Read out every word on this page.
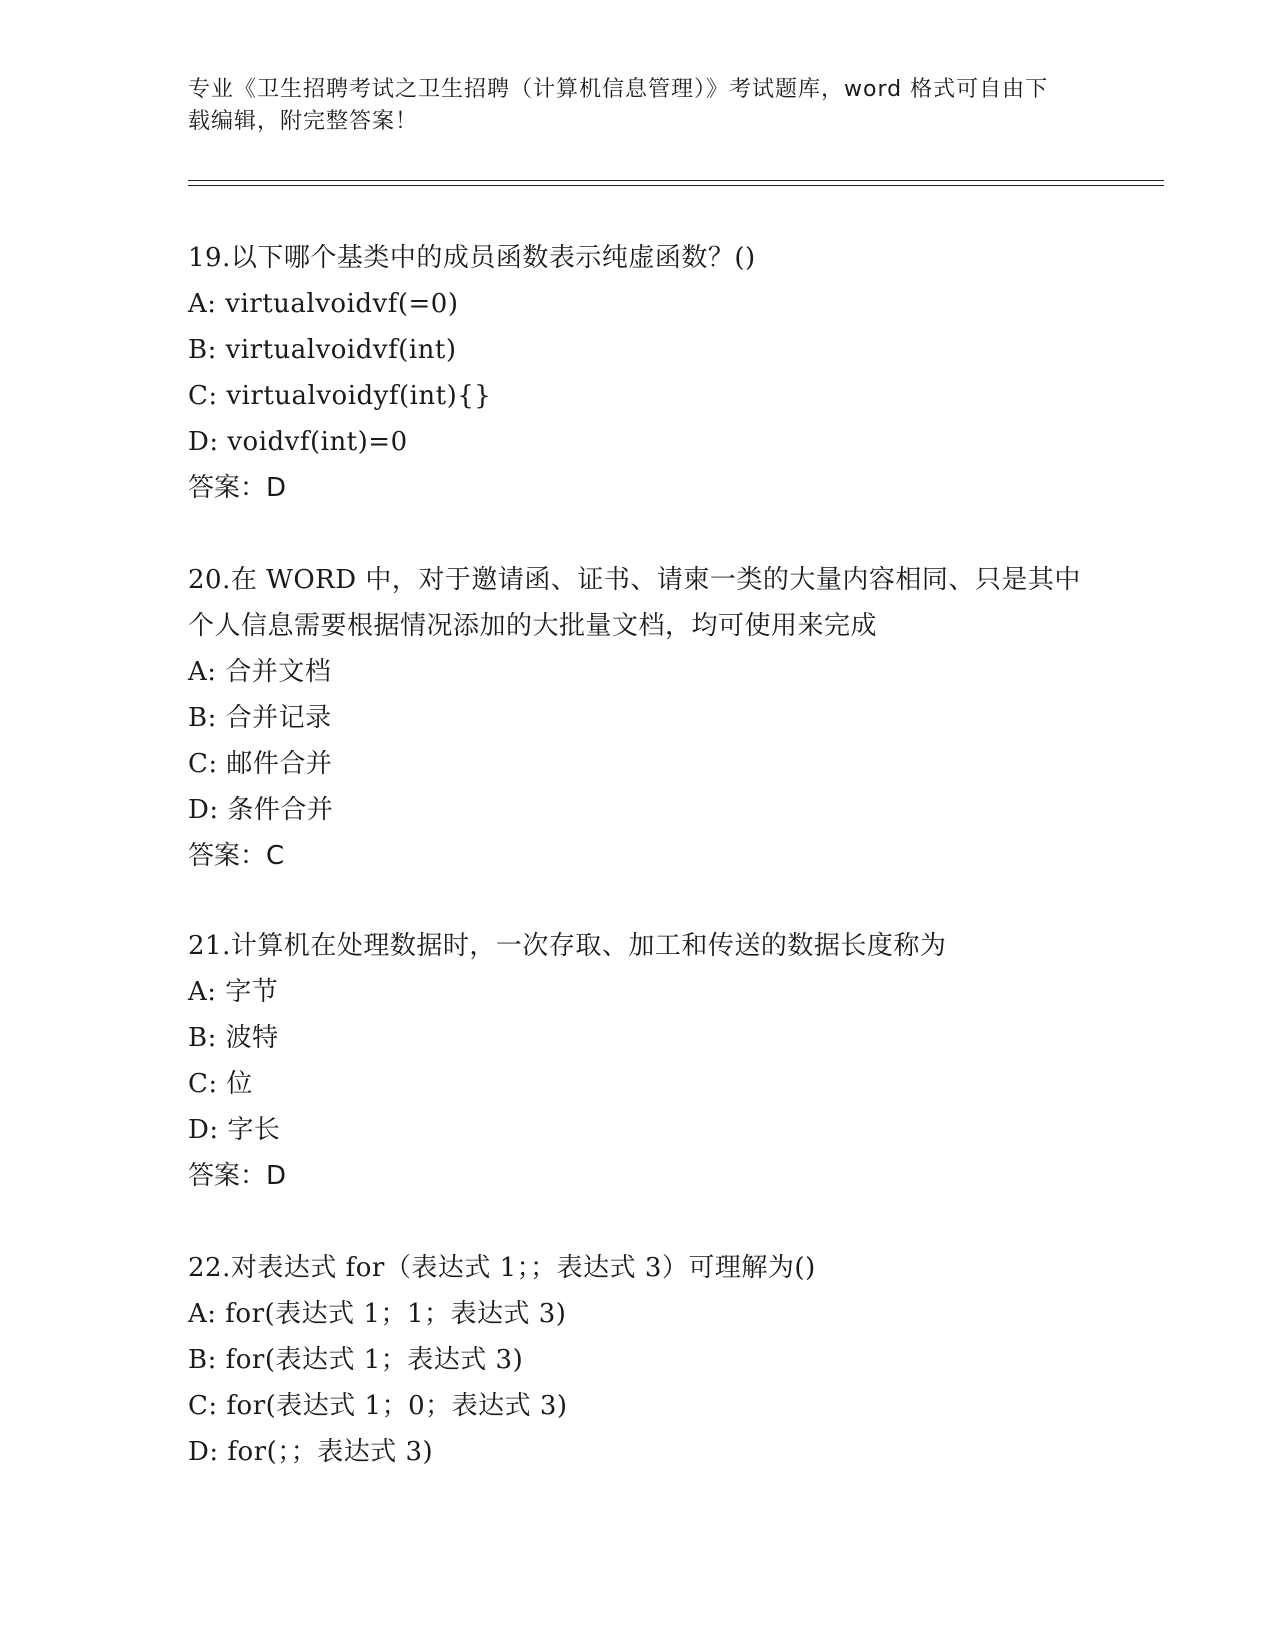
专业《卫生招聘考试之卫生招聘（计算机信息管理）》考试题库，word 格式可自由下载编辑，附完整答案！

19.以下哪个基类中的成员函数表示纯虚函数？()

A: virtualvoidvf(=0)

B: virtualvoidvf(int)

C: virtualvoidyf(int){}

D: voidvf(int)=0

答案：D

20.在 WORD 中，对于邀请函、证书、请柬一类的大量内容相同、只是其中个人信息需要根据情况添加的大批量文档，均可使用来完成

A: 合并文档

B: 合并记录

C: 邮件合并

D: 条件合并

答案：C

21.计算机在处理数据时，一次存取、加工和传送的数据长度称为

A: 字节

B: 波特

C: 位

D: 字长

答案：D

22.对表达式 for（表达式 1；；表达式 3）可理解为()

A: for(表达式 1；1；表达式 3)

B: for(表达式 1；表达式 3)

C: for(表达式 1；0；表达式 3)

D: for(；；表达式 3)
